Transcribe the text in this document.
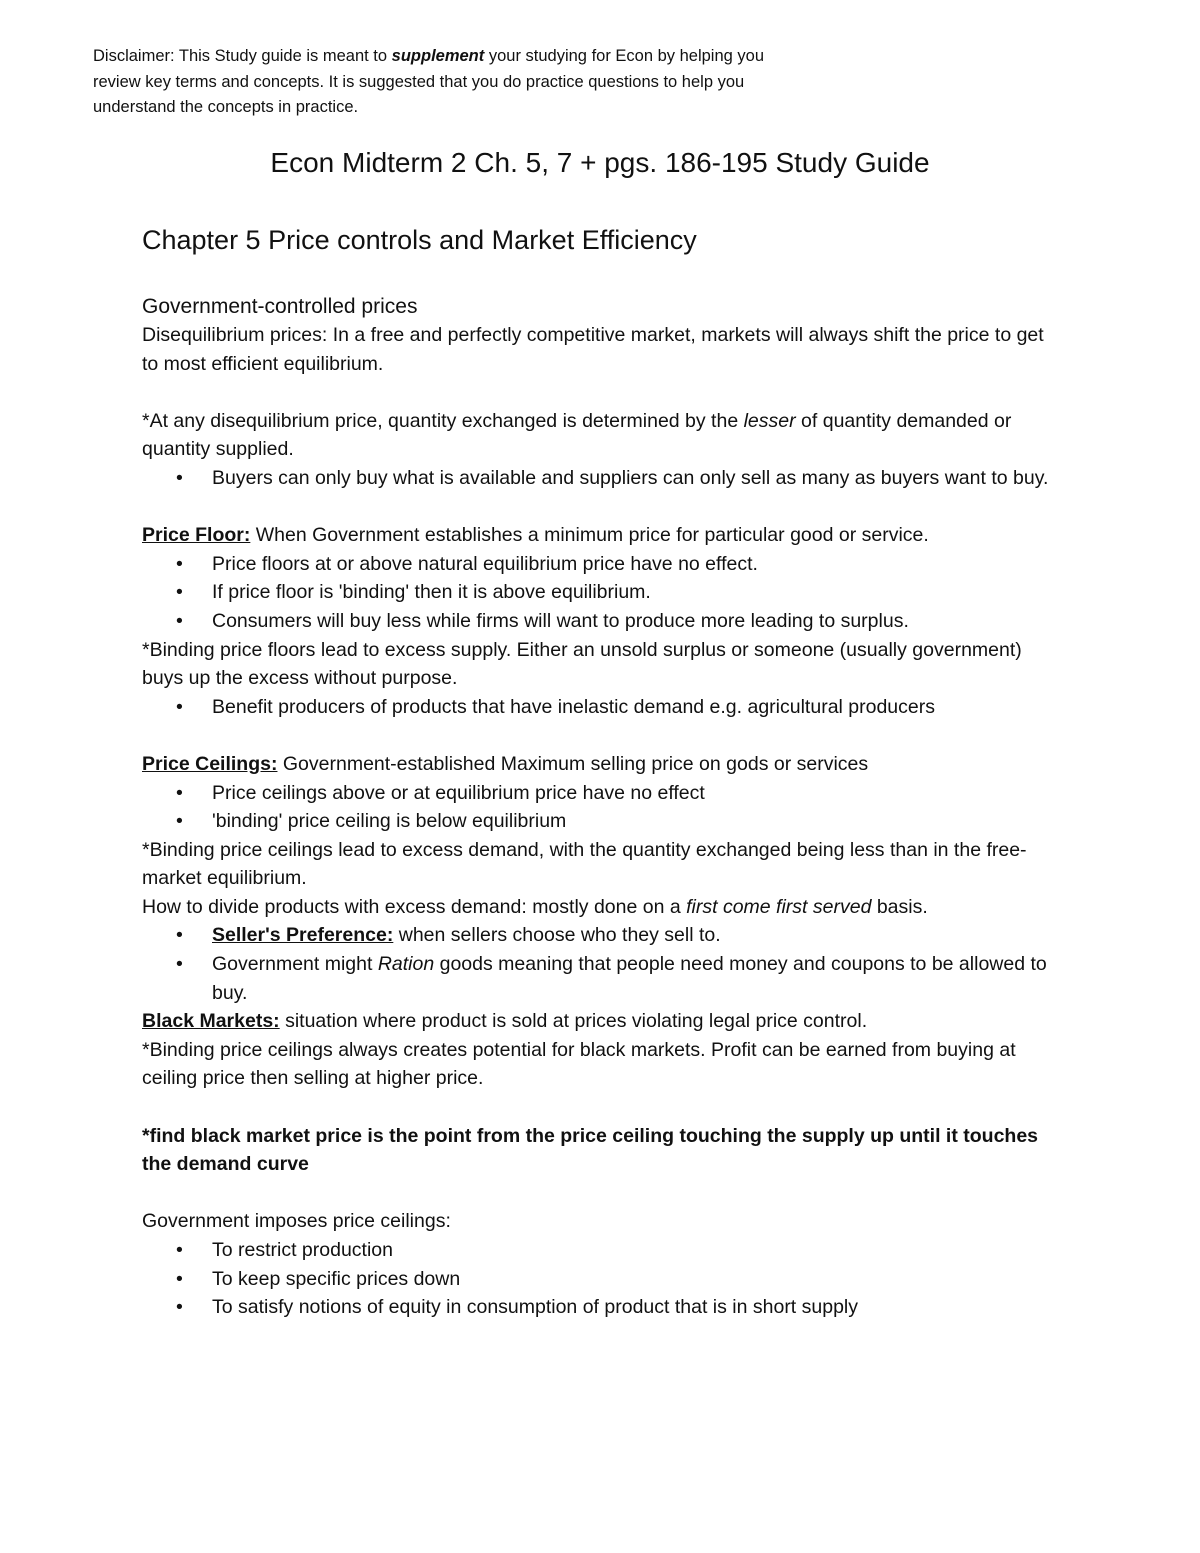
Disclaimer: This Study guide is meant to supplement your studying for Econ by helping you review key terms and concepts. It is suggested that you do practice questions to help you understand the concepts in practice.
Econ Midterm 2 Ch. 5, 7 + pgs. 186-195 Study Guide
Chapter 5 Price controls and Market Efficiency
Government-controlled prices

Disequilibrium prices: In a free and perfectly competitive market, markets will always shift the price to get to most efficient equilibrium.

*At any disequilibrium price, quantity exchanged is determined by the lesser of quantity demanded or quantity supplied.

• Buyers can only buy what is available and suppliers can only sell as many as buyers want to buy.

Price Floor: When Government establishes a minimum price for particular good or service.

• Price floors at or above natural equilibrium price have no effect.
• If price floor is 'binding' then it is above equilibrium.
• Consumers will buy less while firms will want to produce more leading to surplus.

*Binding price floors lead to excess supply. Either an unsold surplus or someone (usually government) buys up the excess without purpose.

• Benefit producers of products that have inelastic demand e.g. agricultural producers

Price Ceilings: Government-established Maximum selling price on gods or services

• Price ceilings above or at equilibrium price have no effect
• 'binding' price ceiling is below equilibrium

*Binding price ceilings lead to excess demand, with the quantity exchanged being less than in the free-market equilibrium.

How to divide products with excess demand: mostly done on a first come first served basis.

• Seller's Preference: when sellers choose who they sell to.
• Government might Ration goods meaning that people need money and coupons to be allowed to buy.

Black Markets: situation where product is sold at prices violating legal price control.

*Binding price ceilings always creates potential for black markets. Profit can be earned from buying at ceiling price then selling at higher price.

*find black market price is the point from the price ceiling touching the supply up until it touches the demand curve

Government imposes price ceilings:

• To restrict production
• To keep specific prices down
• To satisfy notions of equity in consumption of product that is in short supply
